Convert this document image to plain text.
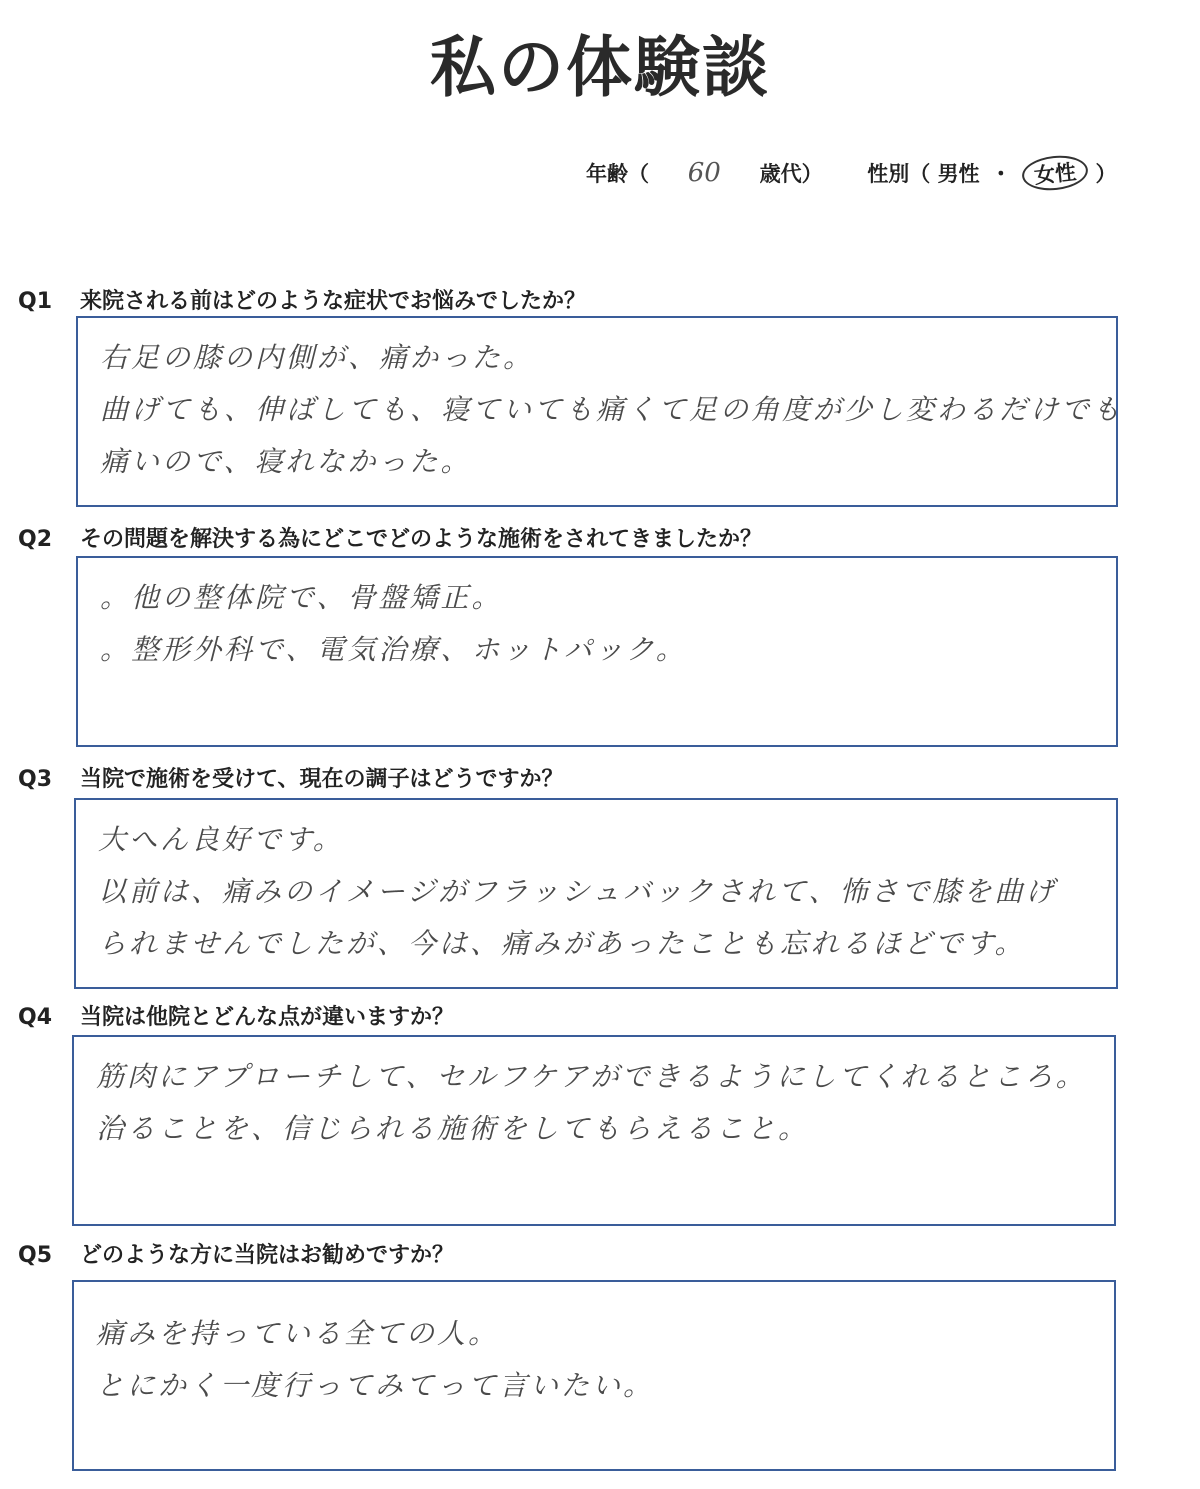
私の体験談
年齢（ 60 歳代） 性別（ 男性 ・ 女性 ）
Q1 来院される前はどのような症状でお悩みでしたか？
右足の膝の内側が、痛かった。
曲げても、伸ばしても、寝ていても痛くて足の角度が少し変わるだけでも
痛いので、寝れなかった。
Q2 その問題を解決する為にどこでどのような施術をされてきましたか？
。他の整体院で、骨盤矯正。
。整形外科で、電気治療、ホットパック。
Q3 当院で施術を受けて、現在の調子はどうですか？
大へん良好です。
以前は、痛みのイメージがフラッシュバックされて、怖さで膝を曲げ
られませんでしたが、今は、痛みがあったことも忘れるほどです。
Q4 当院は他院とどんな点が違いますか？
筋肉にアプローチして、セルフケアができるようにしてくれるところ。
治ることを、信じられる施術をしてもらえること。
Q5 どのような方に当院はお勧めですか？
痛みを持っている全ての人。
とにかく一度行ってみてって言いたい。
